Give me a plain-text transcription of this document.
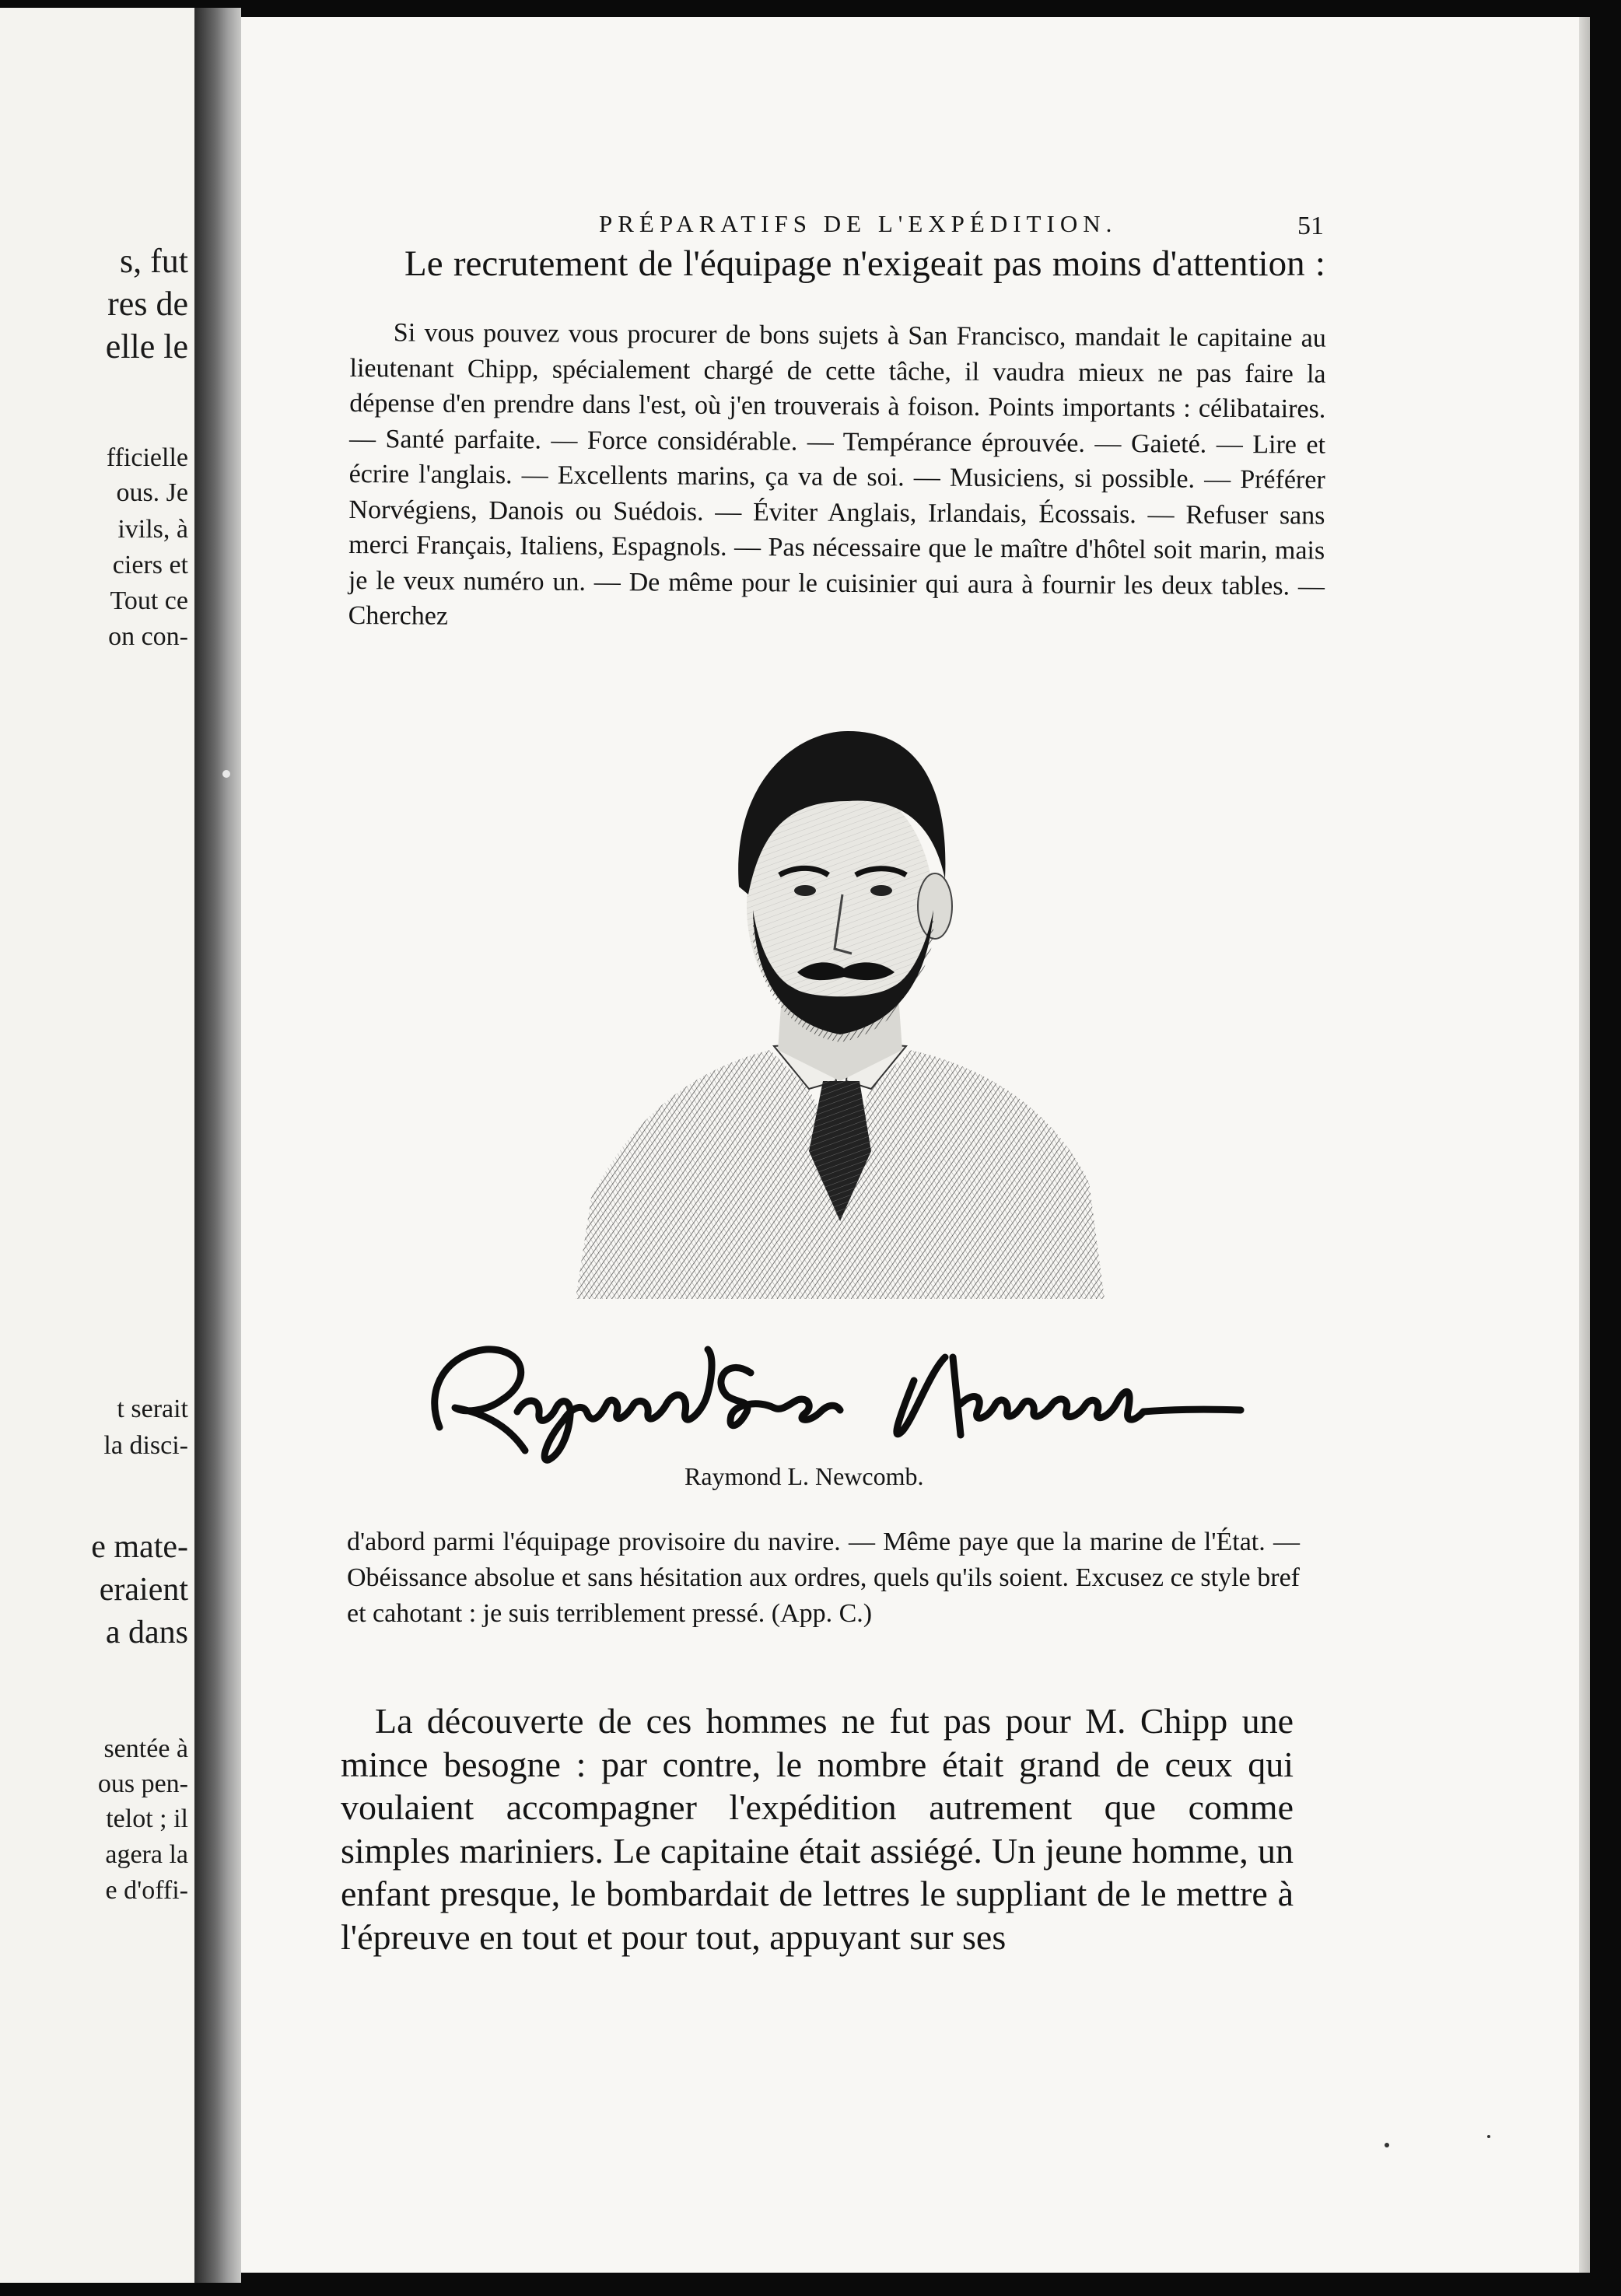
s, fut
res de
elle le
fficielle
ous. Je
ivils, à
ciers et
Tout ce
on con-
t serait
la disci-
e mate-
eraient
a dans
sentée à
ous pen-
telot ; il
agera la
e d'offi-
PRÉPARATIFS DE L'EXPÉDITION.	51
Le recrutement de l'équipage n'exigeait pas moins d'attention :

Si vous pouvez vous procurer de bons sujets à San Francisco, mandait le capitaine au lieutenant Chipp, spécialement chargé de cette tâche, il vaudra mieux ne pas faire la dépense d'en prendre dans l'est, où j'en trouverais à foison. Points importants : célibataires. — Santé parfaite. — Force considérable. — Tempérance éprouvée. — Gaieté. — Lire et écrire l'anglais. — Excellents marins, ça va de soi. — Musiciens, si possible. — Préférer Norvégiens, Danois ou Suédois. — Éviter Anglais, Irlandais, Écossais. — Refuser sans merci Français, Italiens, Espagnols. — Pas nécessaire que le maître d'hôtel soit marin, mais je le veux numéro un. — De même pour le cuisinier qui aura à fournir les deux tables. — Cherchez

Raymond L. Newcomb.

d'abord parmi l'équipage provisoire du navire. — Même paye que la marine de l'État. — Obéissance absolue et sans hésitation aux ordres, quels qu'ils soient. Excusez ce style bref et cahotant : je suis terriblement pressé. (App. C.)

La découverte de ces hommes ne fut pas pour M. Chipp une mince besogne : par contre, le nombre était grand de ceux qui voulaient accompagner l'expédition autrement que comme simples mariniers. Le capitaine était assiégé. Un jeune homme, un enfant presque, le bombardait de lettres le suppliant de le mettre à l'épreuve en tout et pour tout, appuyant sur ses
